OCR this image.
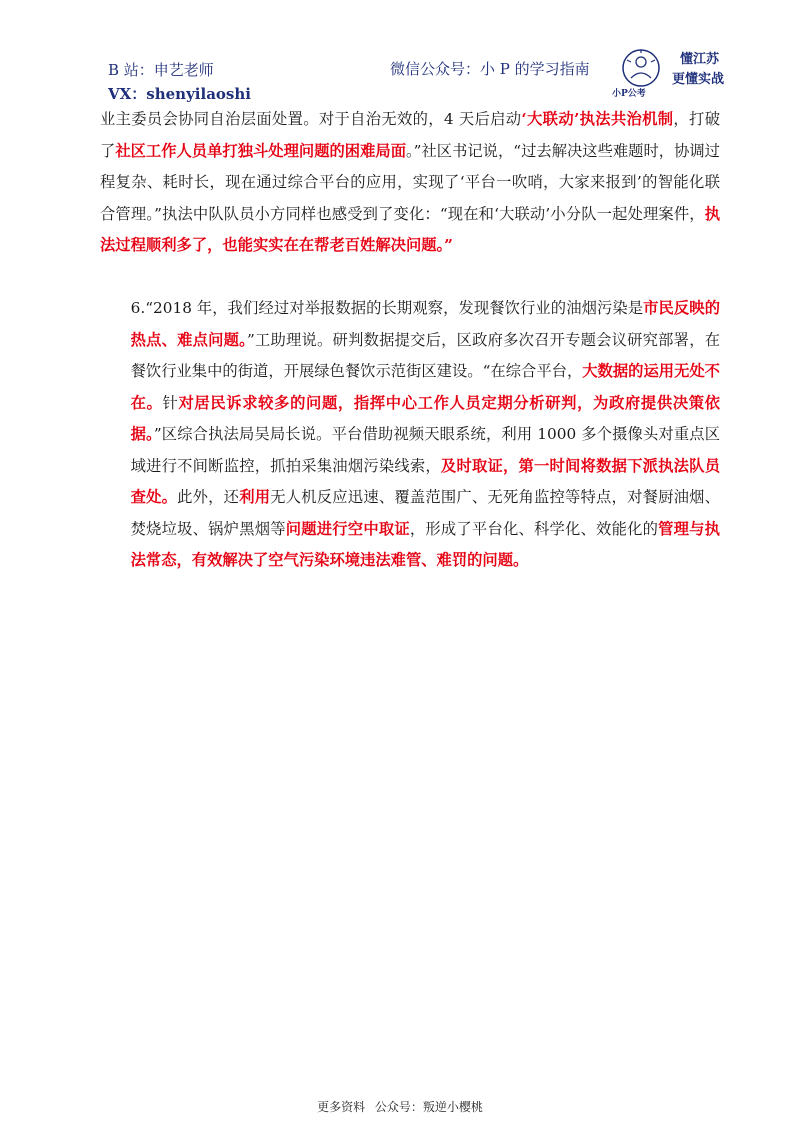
B 站：申艺老师
VX：shenyilaoshi
微信公众号：小 P 的学习指南
小P公考
懂江苏
更懂实战

业主委员会协同自治层面处置。对于自治无效的，4 天后启动‘大联动’执法共治机制，打破了社区工作人员单打独斗处理问题的困难局面。”社区书记说，“过去解决这些难题时，协调过程复杂、耗时长，现在通过综合平台的应用，实现了‘平台一吹哨，大家来报到’的智能化联合管理。”执法中队队员小方同样也感受到了变化：“现在和‘大联动’小分队一起处理案件，执法过程顺利多了，也能实实在在帮老百姓解决问题。”

6.“2018 年，我们经过对举报数据的长期观察，发现餐饮行业的油烟污染是市民反映的热点、难点问题。”工助理说。研判数据提交后，区政府多次召开专题会议研究部署，在餐饮行业集中的街道，开展绿色餐饮示范街区建设。“在综合平台，大数据的运用无处不在。针对居民诉求较多的问题，指挥中心工作人员定期分析研判，为政府提供决策依据。”区综合执法局吴局长说。平台借助视频天眼系统，利用 1000 多个摄像头对重点区域进行不间断监控，抓拍采集油烟污染线索，及时取证，第一时间将数据下派执法队员查处。此外，还利用无人机反应迅速、覆盖范围广、无死角监控等特点，对餐厨油烟、焚烧垃圾、锅炉黑烟等问题进行空中取证，形成了平台化、科学化、效能化的管理与执法常态，有效解决了空气污染环境违法难管、难罚的问题。

更多资料 公众号：叛逆小樱桃
